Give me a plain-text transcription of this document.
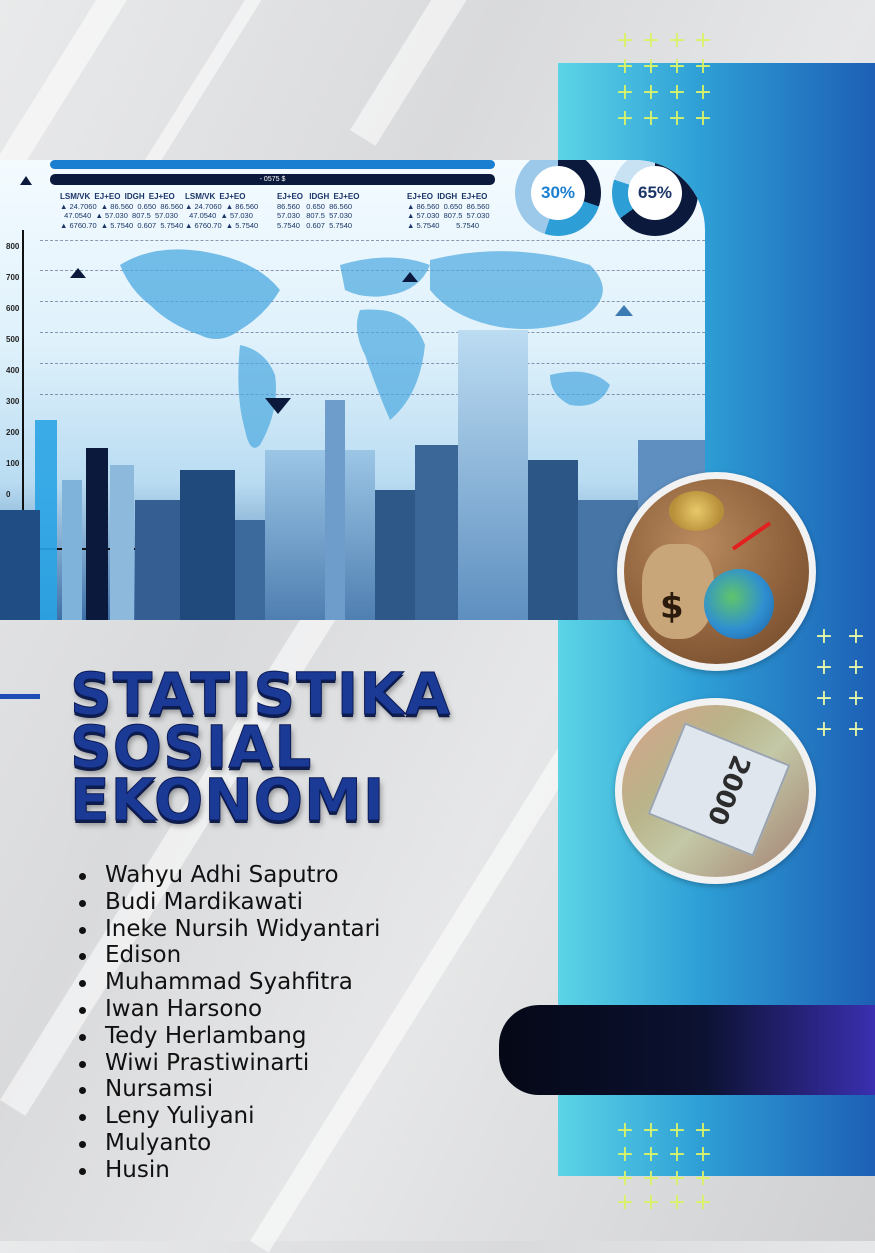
+ + + +
+ + + +
+ + + +
+ + + +
+ +
+ +
+ +
+ +
+ + + +
+ + + +
+ + + +
+ + + +
- 0575 $
LSM/VK EJ+EO IDGH EJ+EO
▲ 24.7060  ▲ 86.560  0.650  86.560
47.0540  ▲ 57.030  807.5  57.030
▲ 6760.70  ▲ 5.7540  0.607  5.7540
LSM/VK EJ+EO
▲ 24.7060  ▲ 86.560
47.0540  ▲ 57.030
▲ 6760.70  ▲ 5.7540
EJ+EO IDGH EJ+EO
86.560   0.650  86.560
57.030   807.5  57.030
5.7540   0.607  5.7540
EJ+EO IDGH EJ+EO
▲ 86.560  0.650  86.560
▲ 57.030  807.5  57.030
▲ 5.7540        5.7540
30%	65%
800
700
600
500
400
300
200
100
0
$
2000
STATISTIKA
SOSIAL
EKONOMI
Wahyu Adhi Saputro
Budi Mardikawati
Ineke Nursih Widyantari
Edison
Muhammad Syahfitra
Iwan Harsono
Tedy Herlambang
Wiwi Prastiwinarti
Nursamsi
Leny Yuliyani
Mulyanto
Husin
